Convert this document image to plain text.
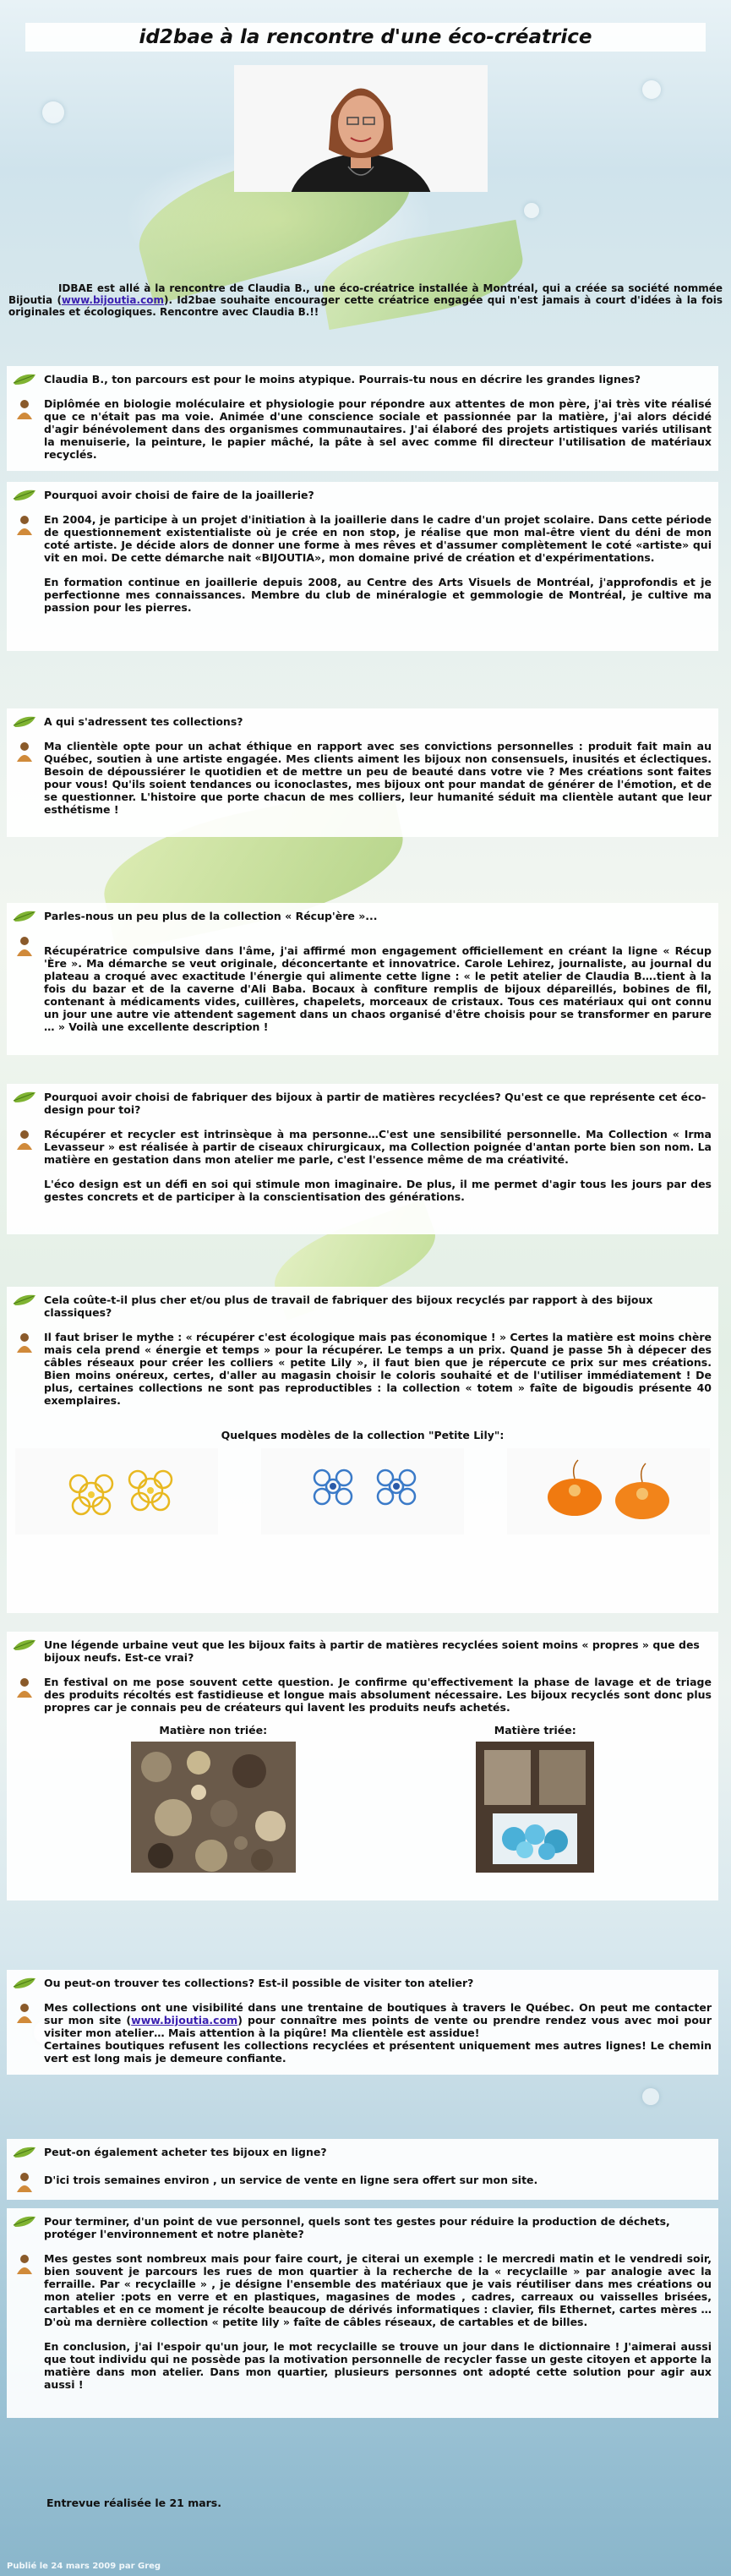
id2bae à la rencontre d'une éco-créatrice
IDBAE est allé à la rencontre de Claudia B., une éco-créatrice installée à Montréal, qui a créée sa société nommée Bijoutia (www.bijoutia.com). Id2bae souhaite encourager cette créatrice engagée qui n'est jamais à court d'idées à la fois originales et écologiques. Rencontre avec Claudia B.!!
Claudia B., ton parcours est pour le moins atypique. Pourrais-tu nous en décrire les grandes lignes?

Diplômée en biologie moléculaire et physiologie pour répondre aux attentes de mon père, j'ai très vite réalisé que ce n'était pas ma voie. Animée d'une conscience sociale et passionnée par la matière, j'ai alors décidé d'agir bénévolement dans des organismes communautaires. J'ai élaboré des projets artistiques variés utilisant la menuiserie, la peinture, le papier mâché, la pâte à sel avec comme fil directeur l'utilisation de matériaux recyclés.

Pourquoi avoir choisi de faire de la joaillerie?

En 2004, je participe à un projet d'initiation à la joaillerie dans le cadre d'un projet scolaire. Dans cette période de questionnement existentialiste où je crée en non stop, je réalise que mon mal-être vient du déni de mon coté artiste. Je décide alors de donner une forme à mes rêves et d'assumer complètement le coté «artiste» qui vit en moi. De cette démarche nait «BIJOUTIA», mon domaine privé de création et d'expérimentations.

En formation continue en joaillerie depuis 2008, au Centre des Arts Visuels de Montréal, j'approfondis et je perfectionne mes connaissances. Membre du club de minéralogie et gemmologie de Montréal, je cultive ma passion pour les pierres.

A qui s'adressent tes collections?

Ma clientèle opte pour un achat éthique en rapport avec ses convictions personnelles : produit fait main au Québec, soutien à une artiste engagée. Mes clients aiment les bijoux non consensuels, inusités et éclectiques. Besoin de dépoussiérer le quotidien et de mettre un peu de beauté dans votre vie ? Mes créations sont faites pour vous! Qu'ils soient tendances ou iconoclastes, mes bijoux ont pour mandat de générer de l'émotion, et de se questionner. L'histoire que porte chacun de mes colliers, leur humanité séduit ma clientèle autant que leur esthétisme !

Parles-nous un peu plus de la collection « Récup'ère »...

Récupératrice compulsive dans l'âme, j'ai affirmé mon engagement officiellement en créant la ligne « Récup 'Ère ». Ma démarche se veut originale, déconcertante et innovatrice. Carole Lehirez, journaliste, au journal du plateau a croqué avec exactitude l'énergie qui alimente cette ligne : « le petit atelier de Claudia B….tient à la fois du bazar et de la caverne d'Ali Baba. Bocaux à confiture remplis de bijoux dépareillés, bobines de fil, contenant à médicaments vides, cuillères, chapelets, morceaux de cristaux. Tous ces matériaux qui ont connu un jour une autre vie attendent sagement dans un chaos organisé d'être choisis pour se transformer en parure … » Voilà une excellente description !

Pourquoi avoir choisi de fabriquer des bijoux à partir de matières recyclées? Qu'est ce que représente cet éco-design pour toi?

Récupérer et recycler est intrinsèque à ma personne…C'est une sensibilité personnelle. Ma Collection « Irma Levasseur » est réalisée à partir de ciseaux chirurgicaux, ma Collection poignée d'antan porte bien son nom. La matière en gestation dans mon atelier me parle, c'est l'essence même de ma créativité.

L'éco design est un défi en soi qui stimule mon imaginaire. De plus, il me permet d'agir tous les jours par des gestes concrets et de participer à la conscientisation des générations.

Cela coûte-t-il plus cher et/ou plus de travail de fabriquer des bijoux recyclés par rapport à des bijoux classiques?

Il faut briser le mythe : « récupérer c'est écologique mais pas économique ! » Certes la matière est moins chère mais cela prend « énergie et temps » pour la récupérer. Le temps a un prix. Quand je passe 5h à dépecer des câbles réseaux pour créer les colliers « petite Lily », il faut bien que je répercute ce prix sur mes créations. Bien moins onéreux, certes, d'aller au magasin choisir le coloris souhaité et de l'utiliser immédiatement ! De plus, certaines collections ne sont pas reproductibles : la collection « totem » faîte de bigoudis présente 40 exemplaires.

Quelques modèles de la collection "Petite Lily":
Une légende urbaine veut que les bijoux faits à partir de matières recyclées soient moins « propres » que des bijoux neufs. Est-ce vrai?

En festival on me pose souvent cette question. Je confirme qu'effectivement la phase de lavage et de triage des produits récoltés est fastidieuse et longue mais absolument nécessaire. Les bijoux recyclés sont donc plus propres car je connais peu de créateurs qui lavent les produits neufs achetés.

Matière non triée:	Matière triée:
Ou peut-on trouver tes collections? Est-il possible de visiter ton atelier?

Mes collections ont une visibilité dans une trentaine de boutiques à travers le Québec. On peut me contacter sur mon site (www.bijoutia.com) pour connaître mes points de vente ou prendre rendez vous avec moi pour visiter mon atelier… Mais attention à la piqûre! Ma clientèle est assidue!
Certaines boutiques refusent les collections recyclées et présentent uniquement mes autres lignes! Le chemin vert est long mais je demeure confiante.

Peut-on également acheter tes bijoux en ligne?

D'ici trois semaines environ , un service de vente en ligne sera offert sur mon site.

Pour terminer, d'un point de vue personnel, quels sont tes gestes pour réduire la production de déchets, protéger l'environnement et notre planète?

Mes gestes sont nombreux mais pour faire court, je citerai un exemple : le mercredi matin et le vendredi soir, bien souvent je parcours les rues de mon quartier à la recherche de la « recyclaille » par analogie avec la ferraille. Par « recyclaille » , je désigne l'ensemble des matériaux que je vais réutiliser dans mes créations ou mon atelier :pots en verre et en plastiques, magasines de modes , cadres, carreaux ou vaisselles brisées, cartables et en ce moment je récolte beaucoup de dérivés informatiques : clavier, fils Ethernet, cartes mères … D'où ma dernière collection « petite lily » faîte de câbles réseaux, de cartables et de billes.

En conclusion, j'ai l'espoir qu'un jour, le mot recyclaille se trouve un jour dans le dictionnaire ! J'aimerai aussi que tout individu qui ne possède pas la motivation personnelle de recycler fasse un geste citoyen et apporte la matière dans mon atelier. Dans mon quartier, plusieurs personnes ont adopté cette solution pour agir aux aussi !

Entrevue réalisée le 21 mars.
Publié le 24 mars 2009 par Greg
